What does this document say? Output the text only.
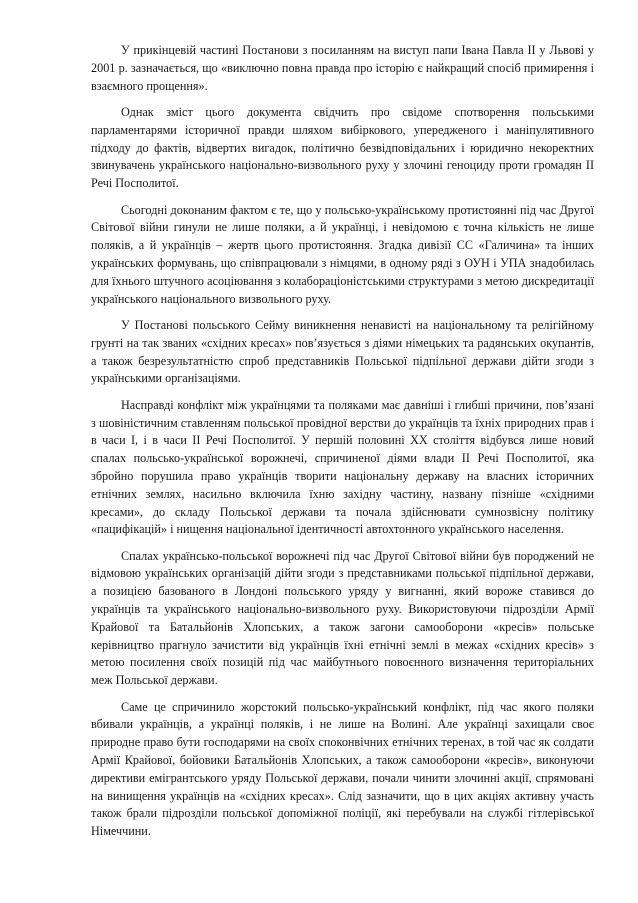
У прикінцевій частині Постанови з посиланням на виступ папи Івана Павла ІІ у Львові у 2001 р. зазначається, що «виключно повна правда про історію є найкращий спосіб примирення і взаємного прощення».

Однак зміст цього документа свідчить про свідоме спотворення польськими парламентарями історичної правди шляхом вибіркового, упередженого і маніпулятивного підходу до фактів, відвертих вигадок, політично безвідповідальних і юридично некоректних звинувачень українського національно-визвольного руху у злочині геноциду проти громадян ІІ Речі Посполитої.

Сьогодні доконаним фактом є те, що у польсько-українському протистоянні під час Другої Світової війни гинули не лише поляки, а й українці, і невідомою є точна кількість не лише поляків, а й українців – жертв цього протистояння. Згадка дивізії СС «Галичина» та інших українських формувань, що співпрацювали з німцями, в одному ряді з ОУН і УПА знадобилась для їхнього штучного асоціювання з колабораціоністськими структурами з метою дискредитації українського національного визвольного руху.

У Постанові польського Сейму виникнення ненависті на національному та релігійному грунті на так званих «східних кресах» пов’язується з діями німецьких та радянських окупантів, а також безрезультатністю спроб представників Польської підпільної держави дійти згоди з українськими організаціями.

Насправді конфлікт між українцями та поляками має давніші і глибші причини, пов’язані з шовіністичним ставленням польської провідної верстви до українців та їхніх природних прав і в часи І, і в часи ІІ Речі Посполитої. У першій половині ХХ століття відбувся лише новий спалах польсько-української ворожнечі, спричиненої діями влади ІІ Речі Посполитої, яка збройно порушила право українців творити національну державу на власних історичних етнічних землях, насильно включила їхню західну частину, названу пізніше «східними кресами», до складу Польської держави та почала здійснювати сумнозвісну політику «пацифікацій» і нищення національної ідентичності автохтонного українського населення.

Спалах українсько-польської ворожнечі під час Другої Світової війни був породжений не відмовою українських організацій дійти згоди з представниками польської підпільної держави, а позицією базованого в Лондоні польського уряду у вигнанні, який вороже ставився до українців та українського національно-визвольного руху. Використовуючи підрозділи Армії Крайової та Батальйонів Хлопських, а також загони самооборони «кресів» польське керівництво прагнуло зачистити від українців їхні етнічні землі в межах «східних кресів» з метою посилення своїх позицій під час майбутнього повоєнного визначення територіальних меж Польської держави.

Саме це спричинило жорстокий польсько-український конфлікт, під час якого поляки вбивали українців, а українці поляків, і не лише на Волині. Але українці захищали своє природне право бути господарями на своїх споконвічних етнічних теренах, в той час як солдати Армії Крайової, бойовики Батальйонів Хлопських, а також самооборони «кресів», виконуючи директиви емігрантського уряду Польської держави, почали чинити злочинні акції, спрямовані на винищення українців на «східних кресах». Слід зазначити, що в цих акціях активну участь також брали підрозділи польської допоміжної поліції, які перебували на службі гітлерівської Німеччини.
